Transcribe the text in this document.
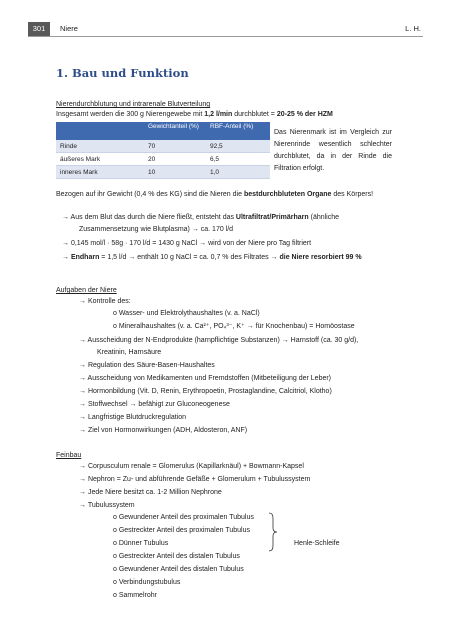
301	Niere	L. H.
1. Bau und Funktion
Nierendurchblutung und intrarenale Blutverteilung
Insgesamt werden die 300 g Nierengewebe mit 1,2 l/min durchblutet = 20-25 % der HZM
	Gewichtanteil (%)	RBF-Anteil (%)
Rinde	70	92,5
äußeres Mark	20	6,5
inneres Mark	10	1,0
Das Nierenmark ist im Vergleich zur Nierenrinde wesentlich schlechter durchblutet, da in der Rinde die Filtration erfolgt.
Bezogen auf ihr Gewicht (0,4 % des KG) sind die Nieren die bestdurchbluteten Organe des Körpers!
→ Aus dem Blut das durch die Niere fließt, entsteht das Ultrafiltrat/Primärharn (ähnliche
Zusammensetzung wie Blutplasma) → ca. 170 l/d
→ 0,145 mol/l · 58g · 170 l/d = 1430 g NaCl → wird von der Niere pro Tag filtriert
→ Endharn = 1,5 l/d → enthält 10 g NaCl = ca. 0,7 % des Filtrates → die Niere resorbiert 99 %
Aufgaben der Niere
→ Kontrolle des:
o Wasser- und Elektrolythaushaltes (v. a. NaCl)
o Mineralhaushaltes (v. a. Ca²⁺, PO₄³⁻, K⁺ → für Knochenbau) = Homöostase
→ Ausscheidung der N-Endprodukte (harnpflichtige Substanzen) → Harnstoff (ca. 30 g/d),
Kreatinin, Harnsäure
→ Regulation des Säure-Basen-Haushaltes
→ Ausscheidung von Medikamenten und Fremdstoffen (Mitbeteiligung der Leber)
→ Hormonbildung (Vit. D, Renin, Erythropoetin, Prostaglandine, Calcitriol, Klotho)
→ Stoffwechsel → befähigt zur Gluconeogenese
→ Langfristige Blutdruckregulation
→ Ziel von Hormonwirkungen (ADH, Aldosteron, ANF)
Feinbau
→ Corpusculum renale = Glomerulus (Kapillarknäul) + Bowmann-Kapsel
→ Nephron = Zu- und abführende Gefäße + Glomerulum + Tubulussystem
→ Jede Niere besitzt ca. 1-2 Million Nephrone
→ Tubulussystem
o Gewundener Anteil des proximalen Tubulus
o Gestreckter Anteil des proximalen Tubulus
o Dünner Tubulus
o Gestreckter Anteil des distalen Tubulus
o Gewundener Anteil des distalen Tubulus
o Verbindungstubulus
o Sammelrohr
Henle-Schleife
